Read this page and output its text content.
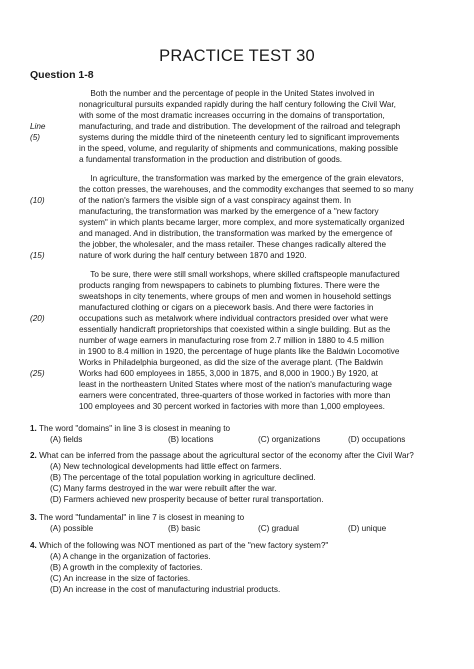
PRACTICE TEST 30
Question 1-8
Both the number and the percentage of people in the United States involved in
nonagricultural pursuits expanded rapidly during the half century following the Civil War,
with some of the most dramatic increases occurring in the domains of transportation,
manufacturing, and trade and distribution. The development of the railroad and telegraph
systems during the middle third of the nineteenth century led to significant improvements
in the speed, volume, and regularity of shipments and communications, making possible
a fundamental transformation in the production and distribution of goods.
In agriculture, the transformation was marked by the emergence of the grain elevators,
the cotton presses, the warehouses, and the commodity exchanges that seemed to so many
of the nation's farmers the visible sign of a vast conspiracy against them. In
manufacturing, the transformation was marked by the emergence of a "new factory
system" in which plants became larger, more complex, and more systematically organized
and managed. And in distribution, the transformation was marked by the emergence of
the jobber, the wholesaler, and the mass retailer. These changes radically altered the
nature of work during the half century between 1870 and 1920.
To be sure, there were still small workshops, where skilled craftspeople manufactured
products ranging from newspapers to cabinets to plumbing fixtures. There were the
sweatshops in city tenements, where groups of men and women in household settings
manufactured clothing or cigars on a piecework basis. And there were factories in
occupations such as metalwork where individual contractors presided over what were
essentially handicraft proprietorships that coexisted within a single building. But as the
number of wage earners in manufacturing rose from 2.7 million in 1880 to 4.5 million
in 1900 to 8.4 million in 1920, the percentage of huge plants like the Baldwin Locomotive
Works in Philadelphia burgeoned, as did the size of the average plant. (The Baldwin
Works had 600 employees in 1855, 3,000 in 1875, and 8,000 in 1900.) By 1920, at
least in the northeastern United States where most of the nation's manufacturing wage
earners were concentrated, three-quarters of those worked in factories with more than
100 employees and 30 percent worked in factories with more than 1,000 employees.
Line
(5)
(10)
(15)
(20)
(25)
1. The word "domains" in line 3 is closest in meaning to
(A) fields	(B) locations	(C) organizations	(D) occupations
2. What can be inferred from the passage about the agricultural sector of the economy after the Civil War?
(A) New technological developments had little effect on farmers.
(B) The percentage of the total population working in agriculture declined.
(C) Many farms destroyed in the war were rebuilt after the war.
(D) Farmers achieved new prosperity because of better rural transportation.
3. The word "fundamental" in line 7 is closest in meaning to
(A) possible	(B) basic	(C) gradual	(D) unique
4. Which of the following was NOT mentioned as part of the "new factory system?"
(A) A change in the organization of factories.
(B) A growth in the complexity of factories.
(C) An increase in the size of factories.
(D) An increase in the cost of manufacturing industrial products.
